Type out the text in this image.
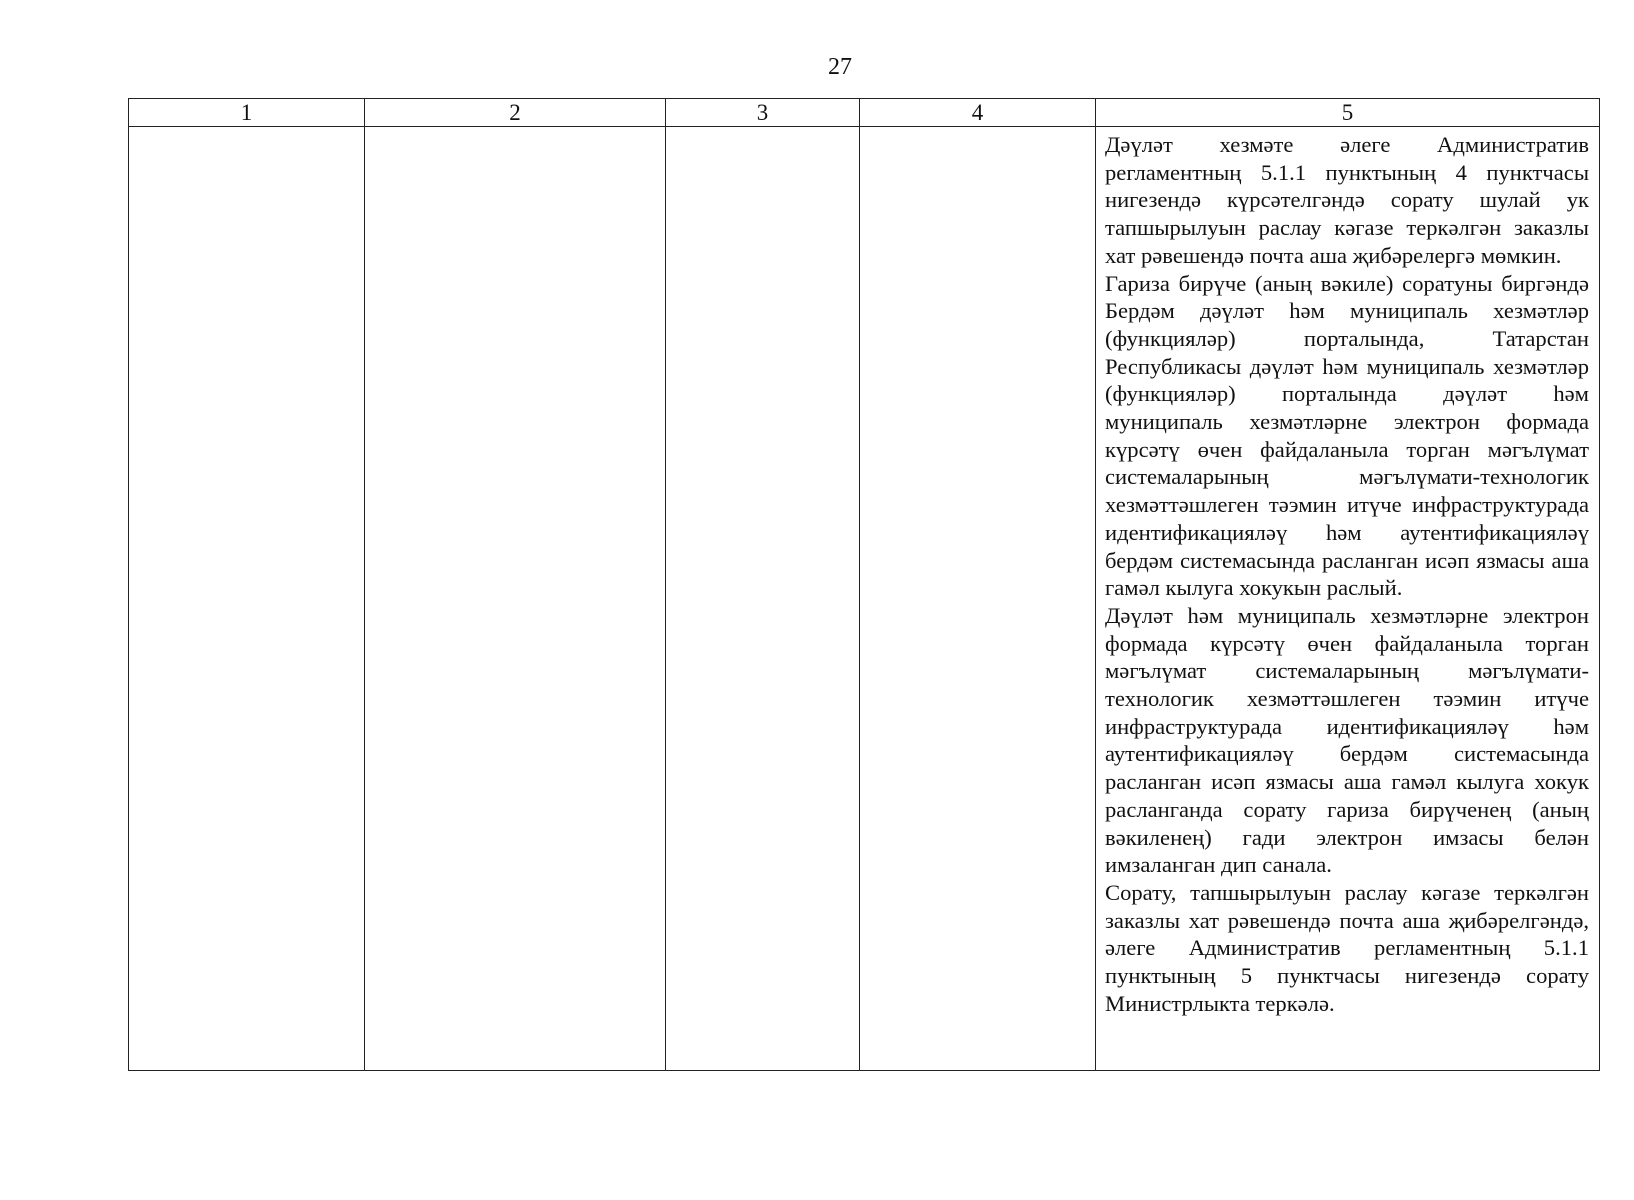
27
1	2	3	4	5

				Дәүләт хезмәте әлеге Административ регламентның 5.1.1 пунктының 4 пунктчасы нигезендә күрсәтелгәндә сорату шулай ук тапшырылуын раслау кәгазе теркәлгән заказлы хат рәвешендә почта аша җибәрелергә мөмкин.

Гариза бирүче (аның вәкиле) соратуны биргәндә Бердәм дәүләт һәм муниципаль хезмәтләр (функцияләр) порталында, Татарстан Республикасы дәүләт һәм муниципаль хезмәтләр (функцияләр) порталында дәүләт һәм муниципаль хезмәтләрне электрон формада күрсәтү өчен файдаланыла торган мәгълүмат системаларының мәгълүмати-технологик хезмәттәшлеген тәэмин итүче инфраструктурада идентификацияләү һәм аутентификацияләү бердәм системасында расланган исәп язмасы аша гамәл кылуга хокукын раслый.

Дәүләт һәм муниципаль хезмәтләрне электрон формада күрсәтү өчен файдаланыла торган мәгълүмат системаларының мәгълүмати-технологик хезмәттәшлеген тәэмин итүче инфраструктурада идентификацияләү һәм аутентификацияләү бердәм системасында расланган исәп язмасы аша гамәл кылуга хокук расланганда сорату гариза бирүченең (аның вәкиленең) гади электрон имзасы белән имзаланган дип санала.

Сорату, тапшырылуын раслау кәгазе теркәлгән заказлы хат рәвешендә почта аша җибәрелгәндә, әлеге Административ регламентның 5.1.1 пунктының 5 пунктчасы нигезендә сорату Министрлыкта теркәлә.
